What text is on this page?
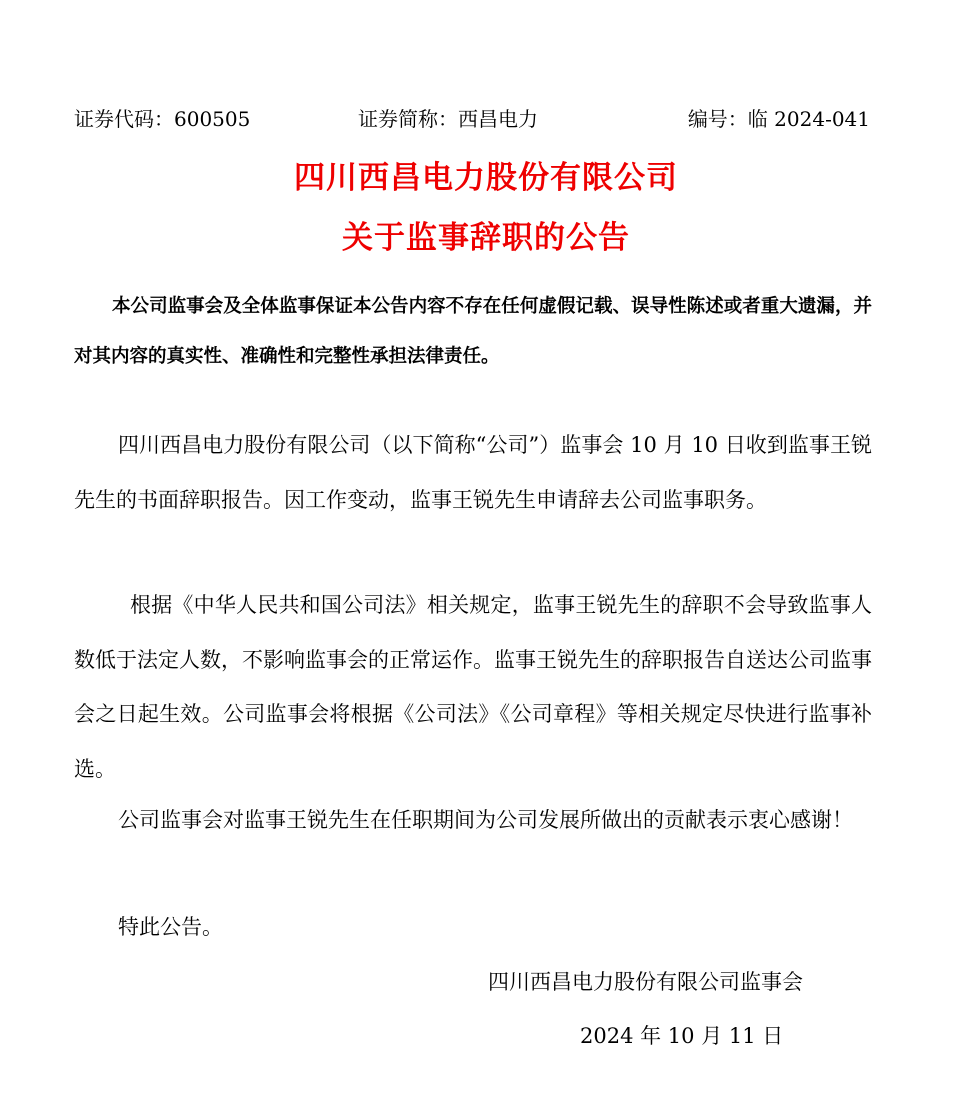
证券代码：600505	证券简称：西昌电力	编号：临 2024-041
四川西昌电力股份有限公司
关于监事辞职的公告
本公司监事会及全体监事保证本公告内容不存在任何虚假记载、误导性陈述或者重大遗漏，并对其内容的真实性、准确性和完整性承担法律责任。
四川西昌电力股份有限公司（以下简称“公司”）监事会 10 月 10 日收到监事王锐先生的书面辞职报告。因工作变动，监事王锐先生申请辞去公司监事职务。
根据《中华人民共和国公司法》相关规定，监事王锐先生的辞职不会导致监事人数低于法定人数，不影响监事会的正常运作。监事王锐先生的辞职报告自送达公司监事会之日起生效。公司监事会将根据《公司法》《公司章程》等相关规定尽快进行监事补选。
公司监事会对监事王锐先生在任职期间为公司发展所做出的贡献表示衷心感谢！
特此公告。
四川西昌电力股份有限公司监事会
2024 年 10 月 11 日
